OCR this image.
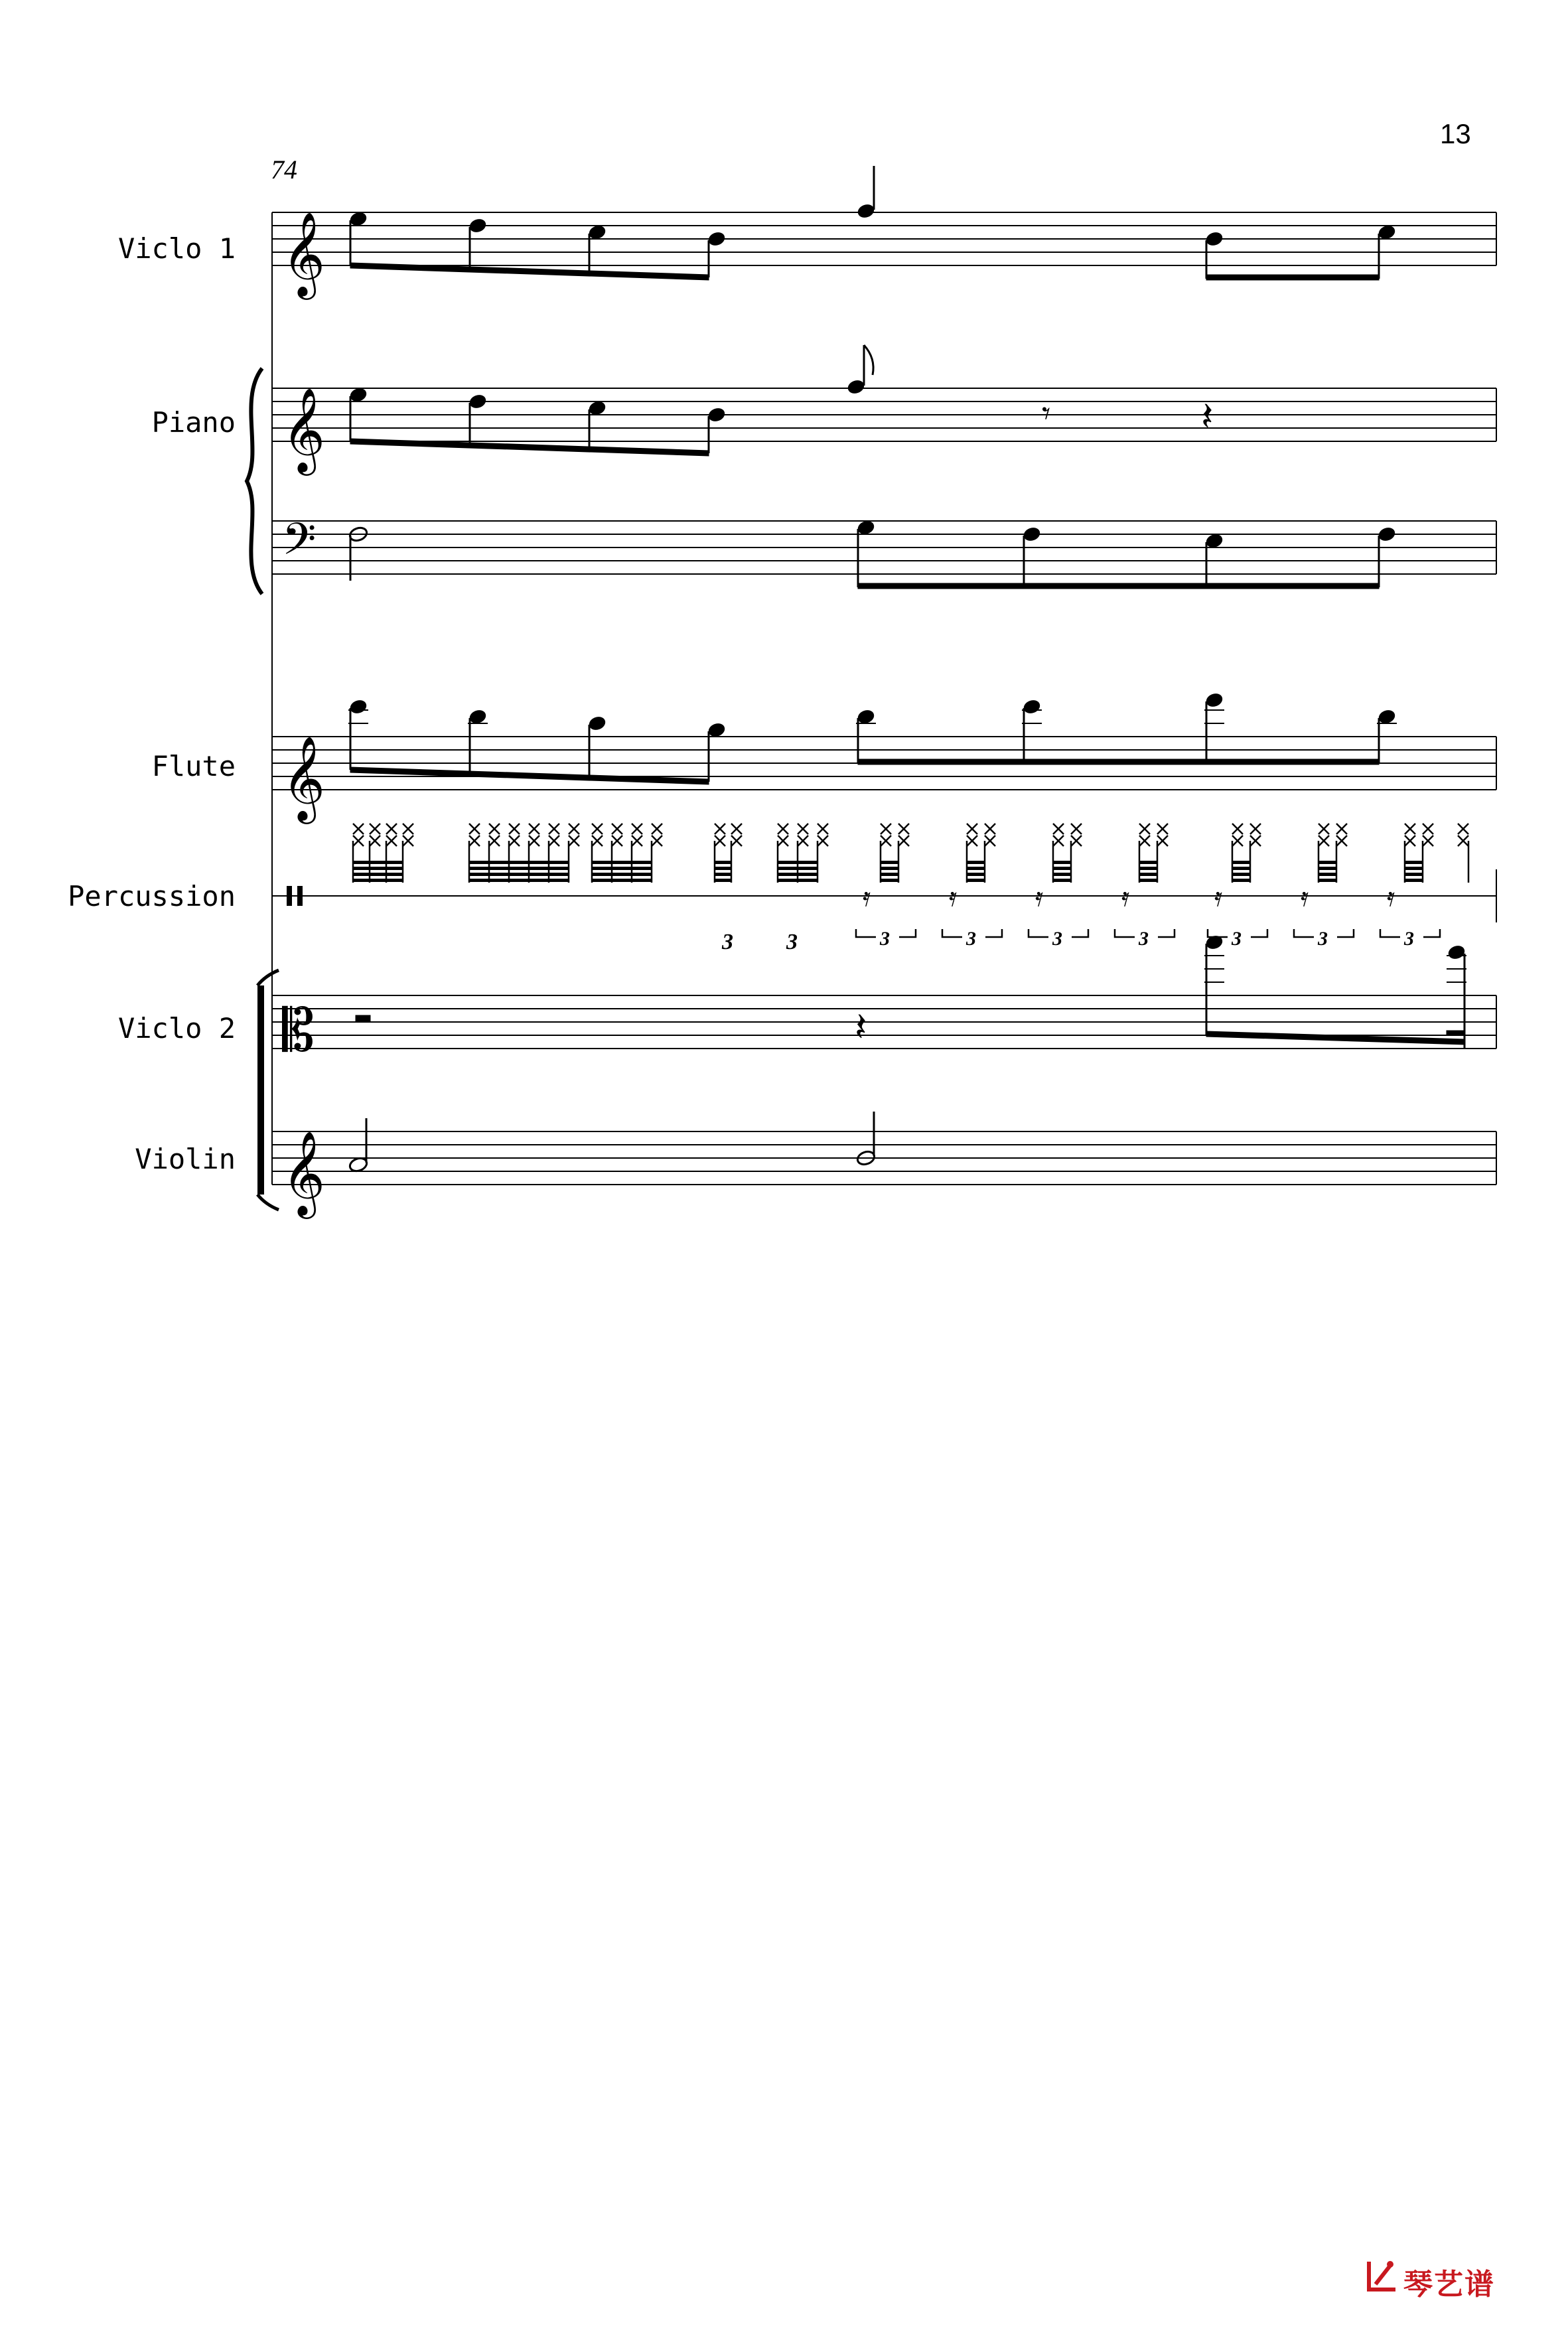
13
74
Viclo 1
Piano
Flute
Percussion
Viclo 2
Violin
𝄞
𝄞
𝄢
𝄞
𝄡
𝄞
𝄾	𝄽
3 3
𝄿
3
𝄿
3
𝄿
3
𝄿
3
𝄿
3
𝄿
3
𝄿
3
𝄽
琴艺谱
